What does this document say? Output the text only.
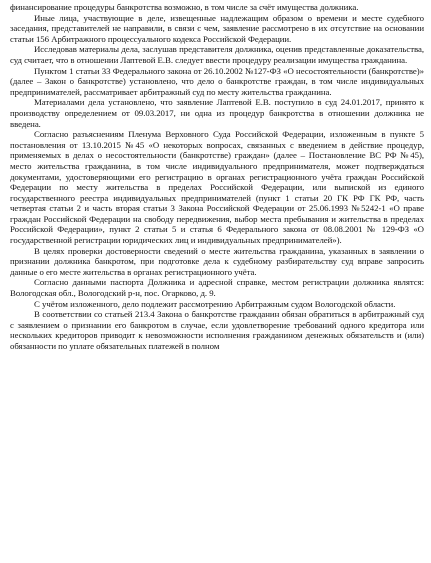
финансирование процедуры банкротства возможно, в том числе за счёт имущества должника.

Иные лица, участвующие в деле, извещенные надлежащим образом о времени и месте судебного заседания, представителей не направили, в связи с чем, заявление рассмотрено в их отсутствие на основании статьи 156 Арбитражного процессуального кодекса Российской Федерации.

Исследовав материалы дела, заслушав представителя должника, оценив представленные доказательства, суд считает, что в отношении Лаптевой Е.В. следует ввести процедуру реализации имущества гражданина.

Пунктом 1 статьи 33 Федерального закона от 26.10.2002 №127-ФЗ «О несостоятельности (банкротстве)» (далее – Закон о банкротстве) установлено, что дело о банкротстве граждан, в том числе индивидуальных предпринимателей, рассматривает арбитражный суд по месту жительства гражданина.

Материалами дела установлено, что заявление Лаптевой Е.В. поступило в суд 24.01.2017, принято к производству определением от 09.03.2017, ни одна из процедур банкротства в отношении должника не введена.

Согласно разъяснениям Пленума Верховного Суда Российской Федерации, изложенным в пункте 5 постановления от 13.10.2015 №45 «О некоторых вопросах, связанных с введением в действие процедур, применяемых в делах о несостоятельности (банкротстве) граждан» (далее – Постановление ВС РФ №45), место жительства гражданина, в том числе индивидуального предпринимателя, может подтверждаться документами, удостоверяющими его регистрацию в органах регистрационного учёта граждан Российской Федерации по месту жительства в пределах Российской Федерации, или выпиской из единого государственного реестра индивидуальных предпринимателей (пункт 1 статьи 20 ГК РФ ГК РФ, часть четвертая статьи 2 и часть вторая статьи 3 Закона Российской Федерации от 25.06.1993 №5242-1 «О праве граждан Российской Федерации на свободу передвижения, выбор места пребывания и жительства в пределах Российской Федерации», пункт 2 статьи 5 и статья 6 Федерального закона от 08.08.2001 № 129-ФЗ «О государственной регистрации юридических лиц и индивидуальных предпринимателей»).

В целях проверки достоверности сведений о месте жительства гражданина, указанных в заявлении о признании должника банкротом, при подготовке дела к судебному разбирательству суд вправе запросить данные о его месте жительства в органах регистрационного учёта.

Согласно данными паспорта Должника и адресной справке, местом регистрации должника являтся: Вологодская обл., Вологодский р-н, пос. Огарково, д. 9.

С учётом изложенного, дело подлежит рассмотрению Арбитражным судом Вологодской области.

В соответствии со статьей 213.4 Закона о банкротстве гражданин обязан обратиться в арбитражный суд с заявлением о признании его банкротом в случае, если удовлетворение требований одного кредитора или нескольких кредиторов приводит к невозможности исполнения гражданином денежных обязательств и (или) обязанности по уплате обязательных платежей в полном
